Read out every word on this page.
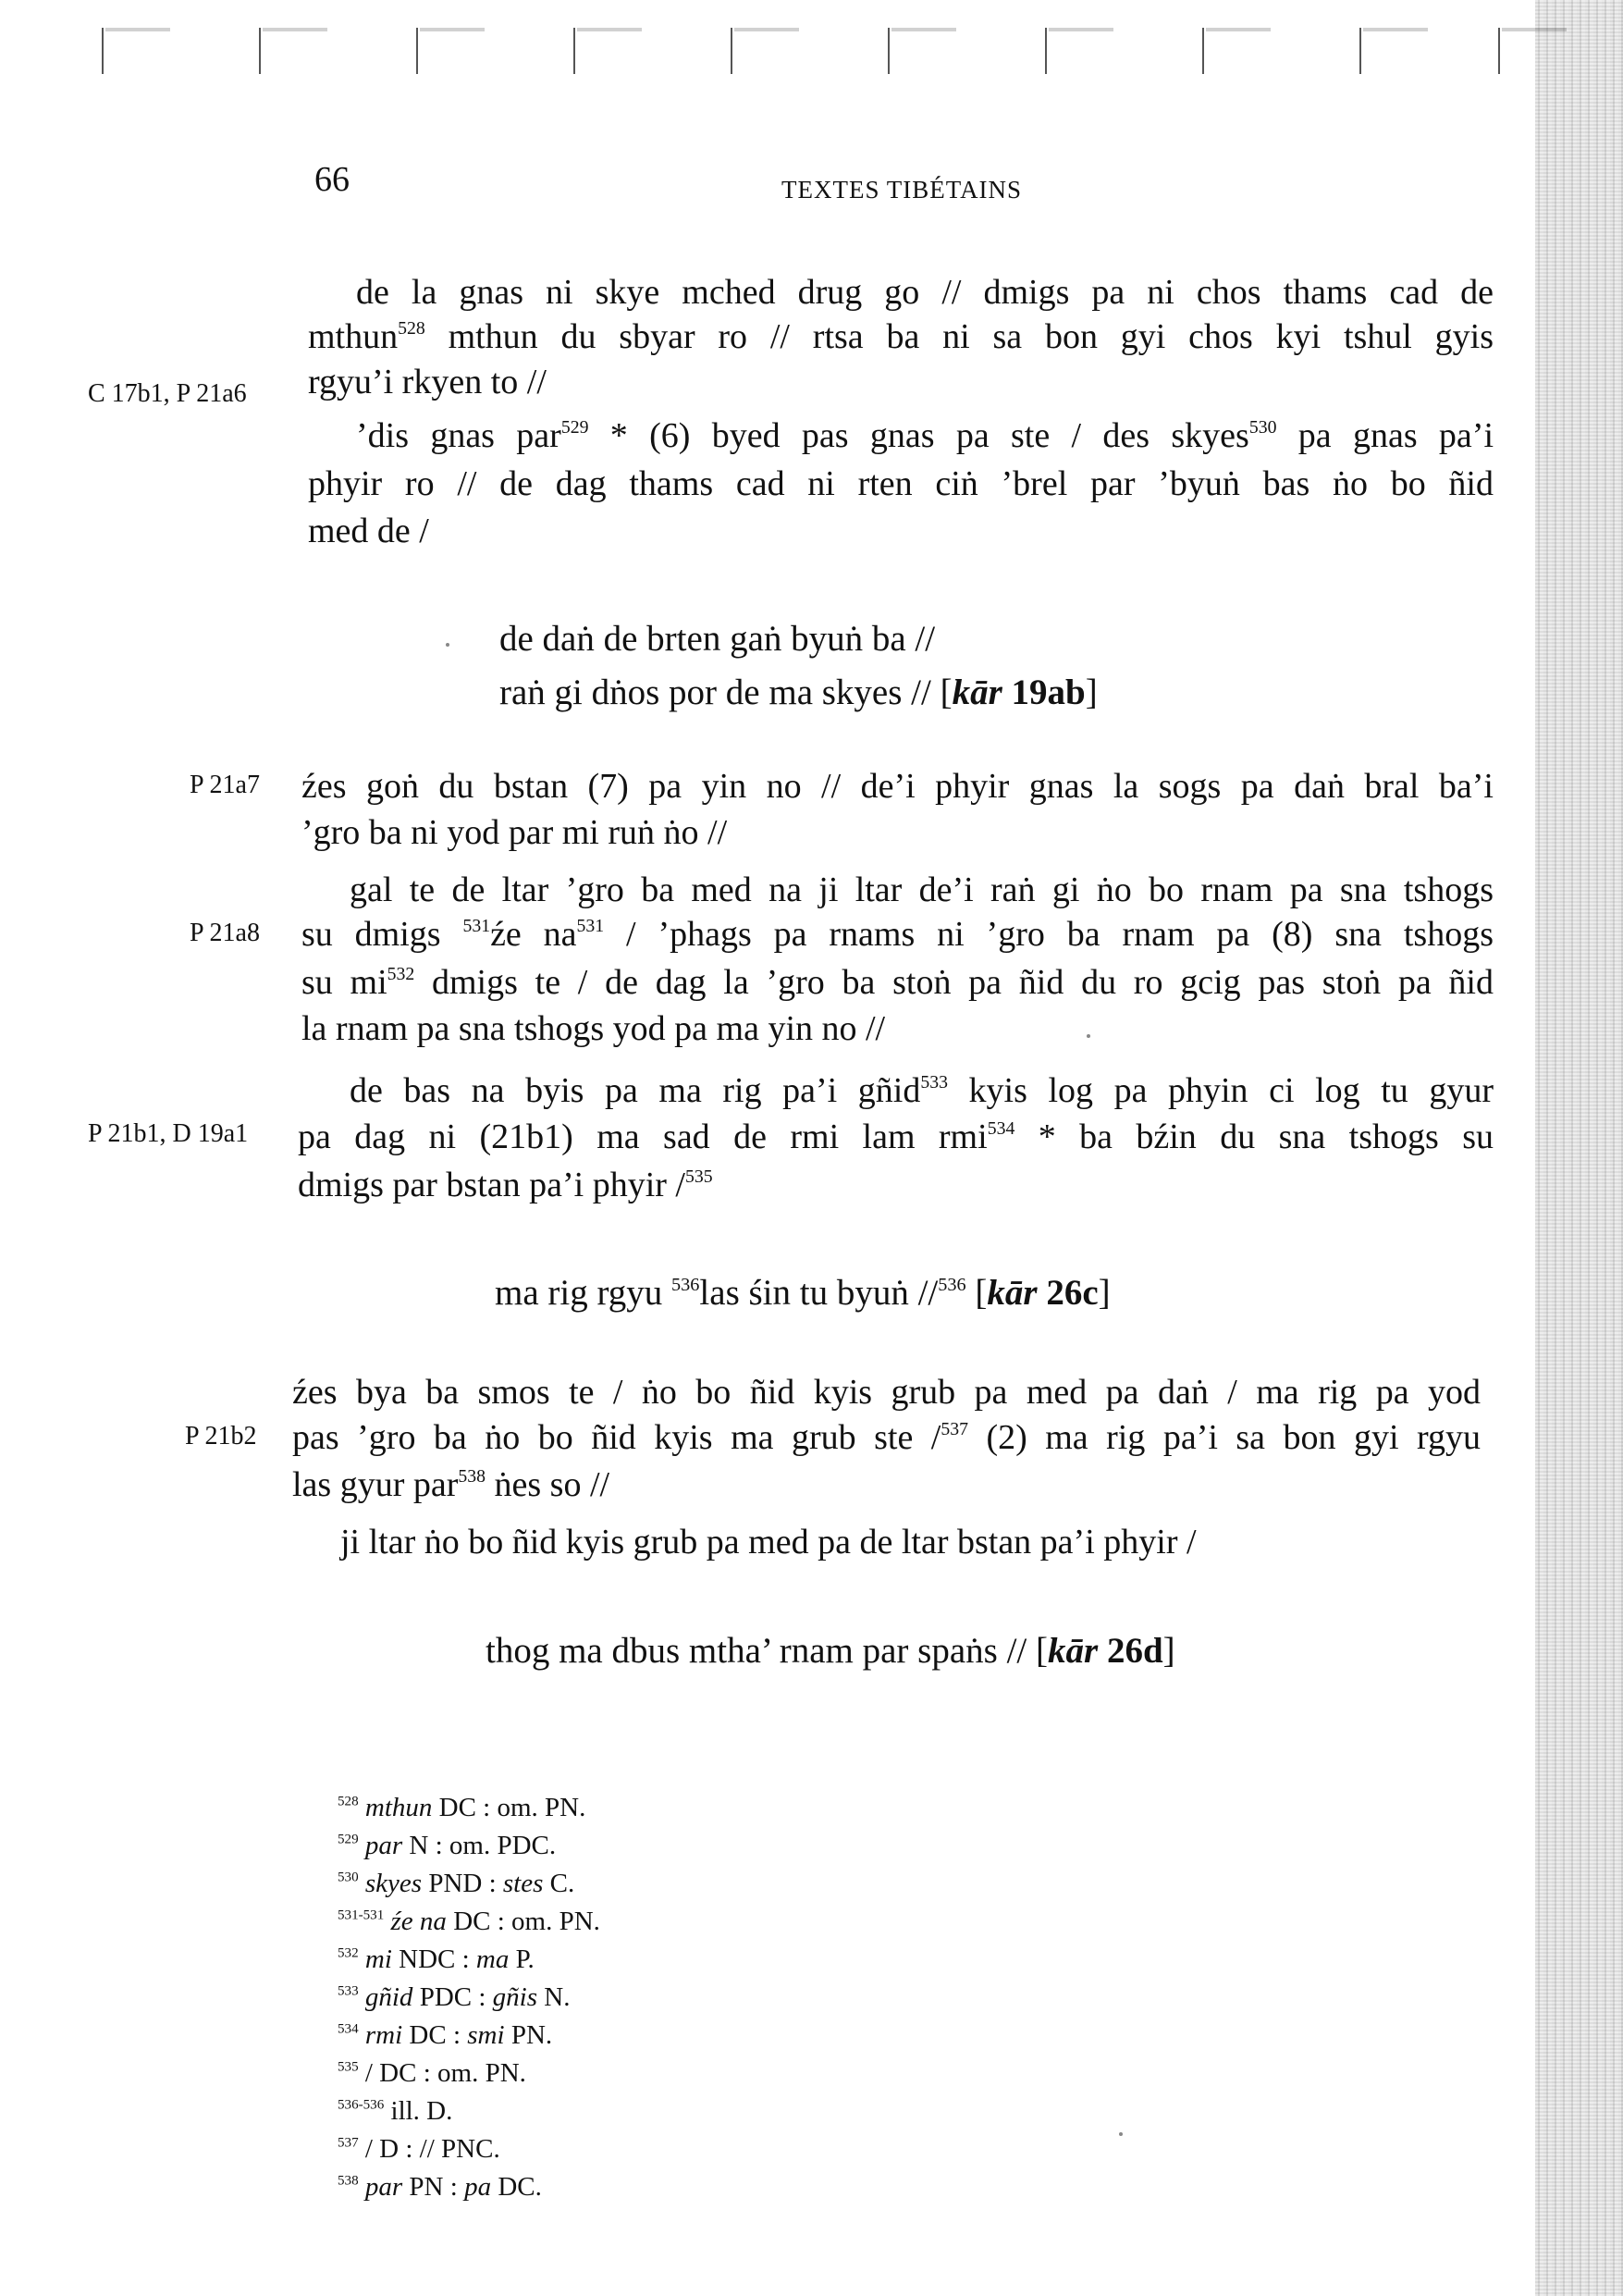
66	TEXTES TIBÉTAINS
de la gnas ni skye mched drug go // dmigs pa ni chos thams cad de
mthun$^{528}$ mthun du sbyar ro // rtsa ba ni sa bon gyi chos kyi tshul gyis
rgyu’i rkyen to //
C 17b1, P 21a6
’dis gnas par$^{529}$ * (6) byed pas gnas pa ste / des skyes$^{530}$ pa gnas pa’i
phyir ro // de dag thams cad ni rten ciṅ ’brel par ’byuṅ bas ṅo bo ñid
med de /
de daṅ de brten gaṅ byuṅ ba //
raṅ gi dṅos por de ma skyes // [kār 19ab]
P 21a7 źes goṅ du bstan (7) pa yin no // de’i phyir gnas la sogs pa daṅ bral ba’i
’gro ba ni yod par mi ruṅ ṅo //
gal te de ltar ’gro ba med na ji ltar de’i raṅ gi ṅo bo rnam pa sna tshogs
P 21a8 su dmigs $^{531}$źe $na^{531}$ / ’phags pa rnams ni ’gro ba rnam pa (8) sna tshogs
su $mi^{532}$ dmigs te / de dag la ’gro ba stoṅ pa ñid du ro gcig pas stoṅ pa ñid
la rnam pa sna tshogs yod pa ma yin no //
de bas na byis pa ma rig pa’i gñid$^{533}$ kyis log pa phyin ci log tu gyur
P 21b1, D 19a1 pa dag ni (21b1) ma sad de rmi lam rmi$^{534}$ * ba bźin du sna tshogs su
dmigs par bstan pa’i phyir /$^{535}$
ma rig rgyu $^{536}$las śin tu byuṅ //$^{536}$ [kār 26c]
źes bya ba smos te / ṅo bo ñid kyis grub pa med pa daṅ / ma rig pa yod
P 21b2 pas ’gro ba ṅo bo ñid kyis ma grub ste /$^{537}$ (2) ma rig pa’i sa bon gyi rgyu
las gyur par$^{538}$ ṅes so //
ji ltar ṅo bo ñid kyis grub pa med pa de ltar bstan pa’i phyir /
thog ma dbus mtha’ rnam par spaṅs // [kār 26d]
$^{528}$ mthun DC : om. PN.
$^{529}$ par N : om. PDC.
$^{530}$ skyes PND : stes C.
$^{531-531}$ źe na DC : om. PN.
$^{532}$ mi NDC : ma P.
$^{533}$ gñid PDC : gñis N.
$^{534}$ rmi DC : smi PN.
$^{535}$ / DC : om. PN.
$^{536-536}$ ill. D.
$^{537}$ / D : // PNC.
$^{538}$ par PN : pa DC.
